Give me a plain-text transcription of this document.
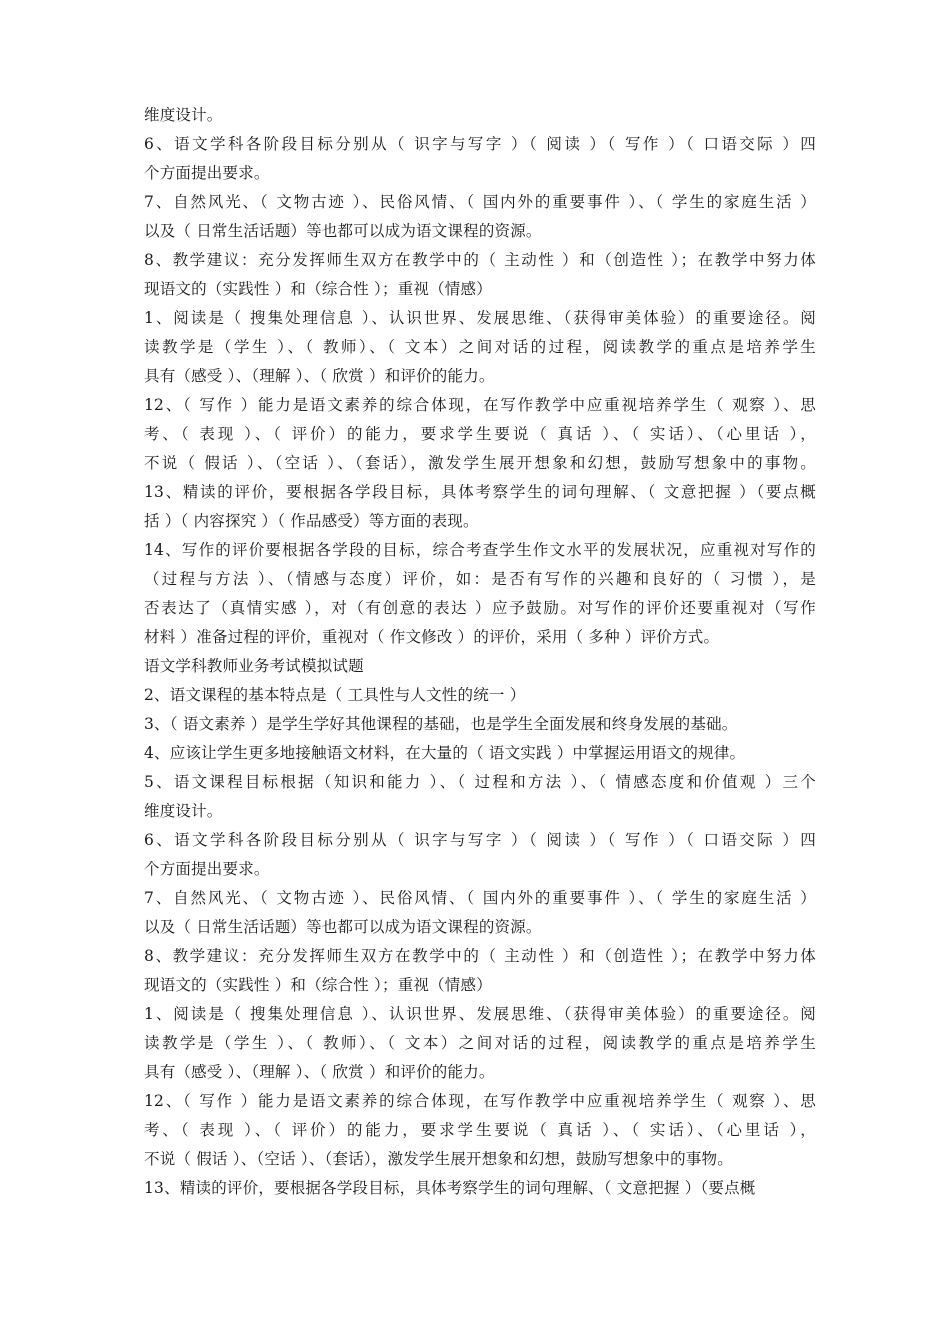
维度设计。
6、语文学科各阶段目标分别从（ 识字与写字 ）（ 阅读 ）（ 写作 ）（ 口语交际 ）四
个方面提出要求。
7、自然风光、（ 文物古迹 ）、民俗风情、（ 国内外的重要事件 ）、（ 学生的家庭生活 ）
以及（ 日常生活话题）等也都可以成为语文课程的资源。
8、教学建议：充分发挥师生双方在教学中的（ 主动性 ）和（创造性 ）；在教学中努力体
现语文的（实践性 ）和（综合性 ）；重视（情感）
1、阅读是（ 搜集处理信息 ）、认识世界、发展思维、（获得审美体验）的重要途径。阅
读教学是（学生 ）、（ 教师）、（ 文本）之间对话的过程，阅读教学的重点是培养学生
具有（感受 ）、（理解 ）、（ 欣赏 ）和评价的能力。
12、（ 写作 ）能力是语文素养的综合体现，在写作教学中应重视培养学生（ 观察 ）、思
考、（ 表现 ）、（ 评价）的能力，要求学生要说（ 真话 ）、（ 实话）、（心里话 ），
不说（ 假话 ）、（空话 ）、（套话），激发学生展开想象和幻想，鼓励写想象中的事物。
13、精读的评价，要根据各学段目标，具体考察学生的词句理解、（ 文意把握 ）（要点概
括 ）（ 内容探究 ）（ 作品感受）等方面的表现。
14、写作的评价要根据各学段的目标，综合考查学生作文水平的发展状况，应重视对写作的
（过程与方法 ）、（情感与态度）评价，如：是否有写作的兴趣和良好的（ 习惯 ），是
否表达了（真情实感 ），对（有创意的表达 ）应予鼓励。对写作的评价还要重视对（写作
材料 ）准备过程的评价，重视对（ 作文修改 ）的评价，采用（ 多种 ）评价方式。
语文学科教师业务考试模拟试题
2、语文课程的基本特点是（ 工具性与人文性的统一 ）
3、（ 语文素养 ）是学生学好其他课程的基础，也是学生全面发展和终身发展的基础。
4、应该让学生更多地接触语文材料，在大量的（ 语文实践 ）中掌握运用语文的规律。
5、语文课程目标根据（知识和能力 ）、（ 过程和方法 ）、（ 情感态度和价值观 ）三个
维度设计。
6、语文学科各阶段目标分别从（ 识字与写字 ）（ 阅读 ）（ 写作 ）（ 口语交际 ）四
个方面提出要求。
7、自然风光、（ 文物古迹 ）、民俗风情、（ 国内外的重要事件 ）、（ 学生的家庭生活 ）
以及（ 日常生活话题）等也都可以成为语文课程的资源。
8、教学建议：充分发挥师生双方在教学中的（ 主动性 ）和（创造性 ）；在教学中努力体
现语文的（实践性 ）和（综合性 ）；重视（情感）
1、阅读是（ 搜集处理信息 ）、认识世界、发展思维、（获得审美体验）的重要途径。阅
读教学是（学生 ）、（ 教师）、（ 文本）之间对话的过程，阅读教学的重点是培养学生
具有（感受 ）、（理解 ）、（ 欣赏 ）和评价的能力。
12、（ 写作 ）能力是语文素养的综合体现，在写作教学中应重视培养学生（ 观察 ）、思
考、（ 表现 ）、（ 评价）的能力，要求学生要说（ 真话 ）、（ 实话）、（心里话 ），
不说（ 假话 ）、（空话 ）、（套话），激发学生展开想象和幻想，鼓励写想象中的事物。
13、精读的评价，要根据各学段目标，具体考察学生的词句理解、（ 文意把握 ）（要点概
